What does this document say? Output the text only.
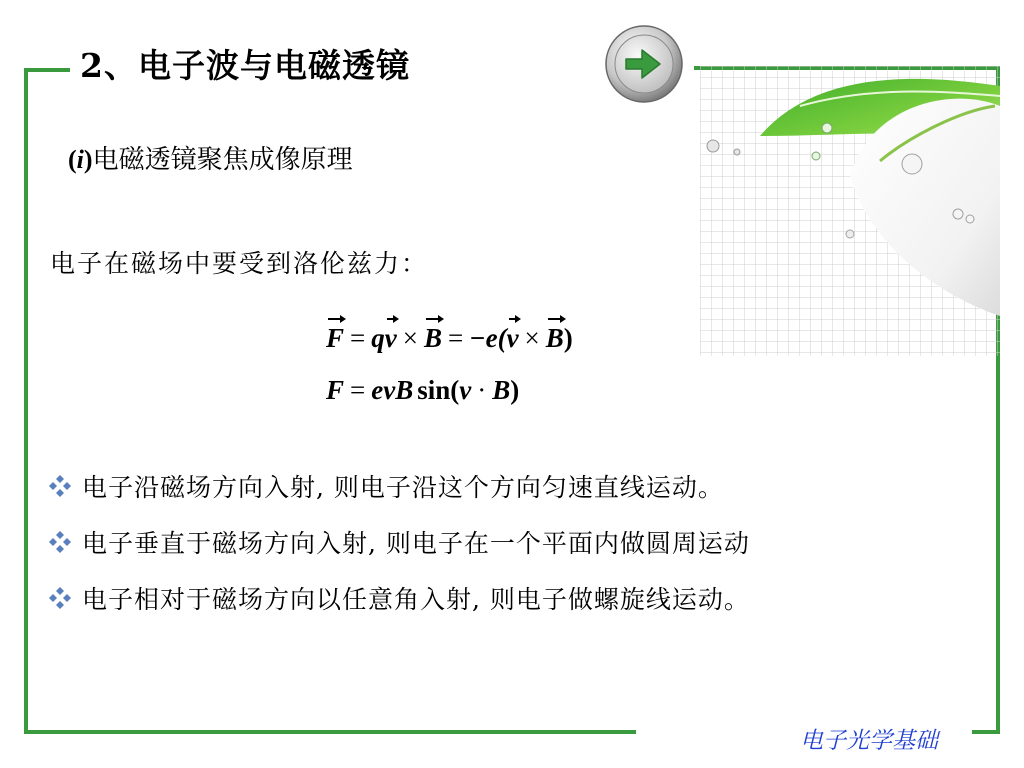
2、电子波与电磁透镜
(i)电磁透镜聚焦成像原理
电子在磁场中要受到洛伦兹力：
F = qv × B = −e(v × B)
F = evB sin(v · B)
电子沿磁场方向入射, 则电子沿这个方向匀速直线运动。
电子垂直于磁场方向入射, 则电子在一个平面内做圆周运动
电子相对于磁场方向以任意角入射, 则电子做螺旋线运动。
电子光学基础
